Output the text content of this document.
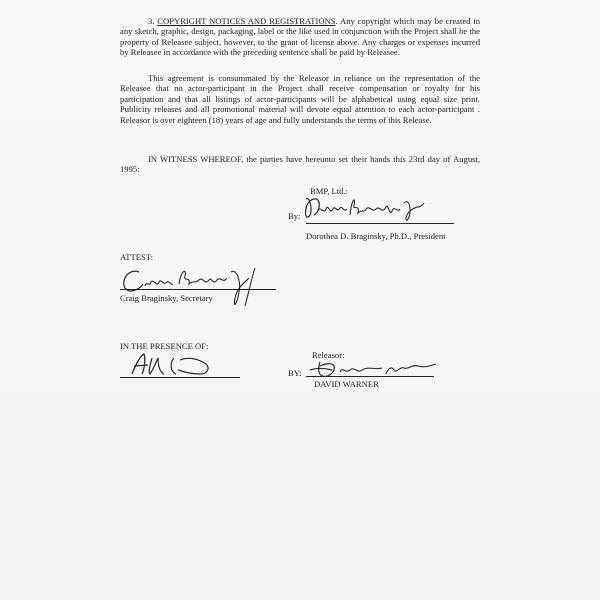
3. COPYRIGHT NOTICES AND REGISTRATIONS. Any copyright which may be created in any sketch, graphic, design, packaging, label or the like used in conjunction with the Project shall be the property of Releasee subject, however, to the grant of license above. Any charges or expenses incurred by Releasee in accordance with the preceding sentence shall be paid by Releasee.

This agreement is consummated by the Releasor in reliance on the representation of the Releasee that no actor-participant in the Project shall receive compensation or royalty for his participation and that all listings of actor-participants will be alphabetical using equal size print. Publicity releases and all promotional material will devote equal attention to each actor-participant . Releasor is over eighteen (18) years of age and fully understands the terms of this Release.

IN WITNESS WHEREOF, the parties have hereunto set their hands this 23rd day of August, 1995:

BMP, Ltd.:
By:
Dorothea D. Braginsky, Ph.D., President
ATTEST:
Craig Braginsky, Secretary
IN THE PRESENCE OF:
Releasor:
BY:
DAVID WARNER
